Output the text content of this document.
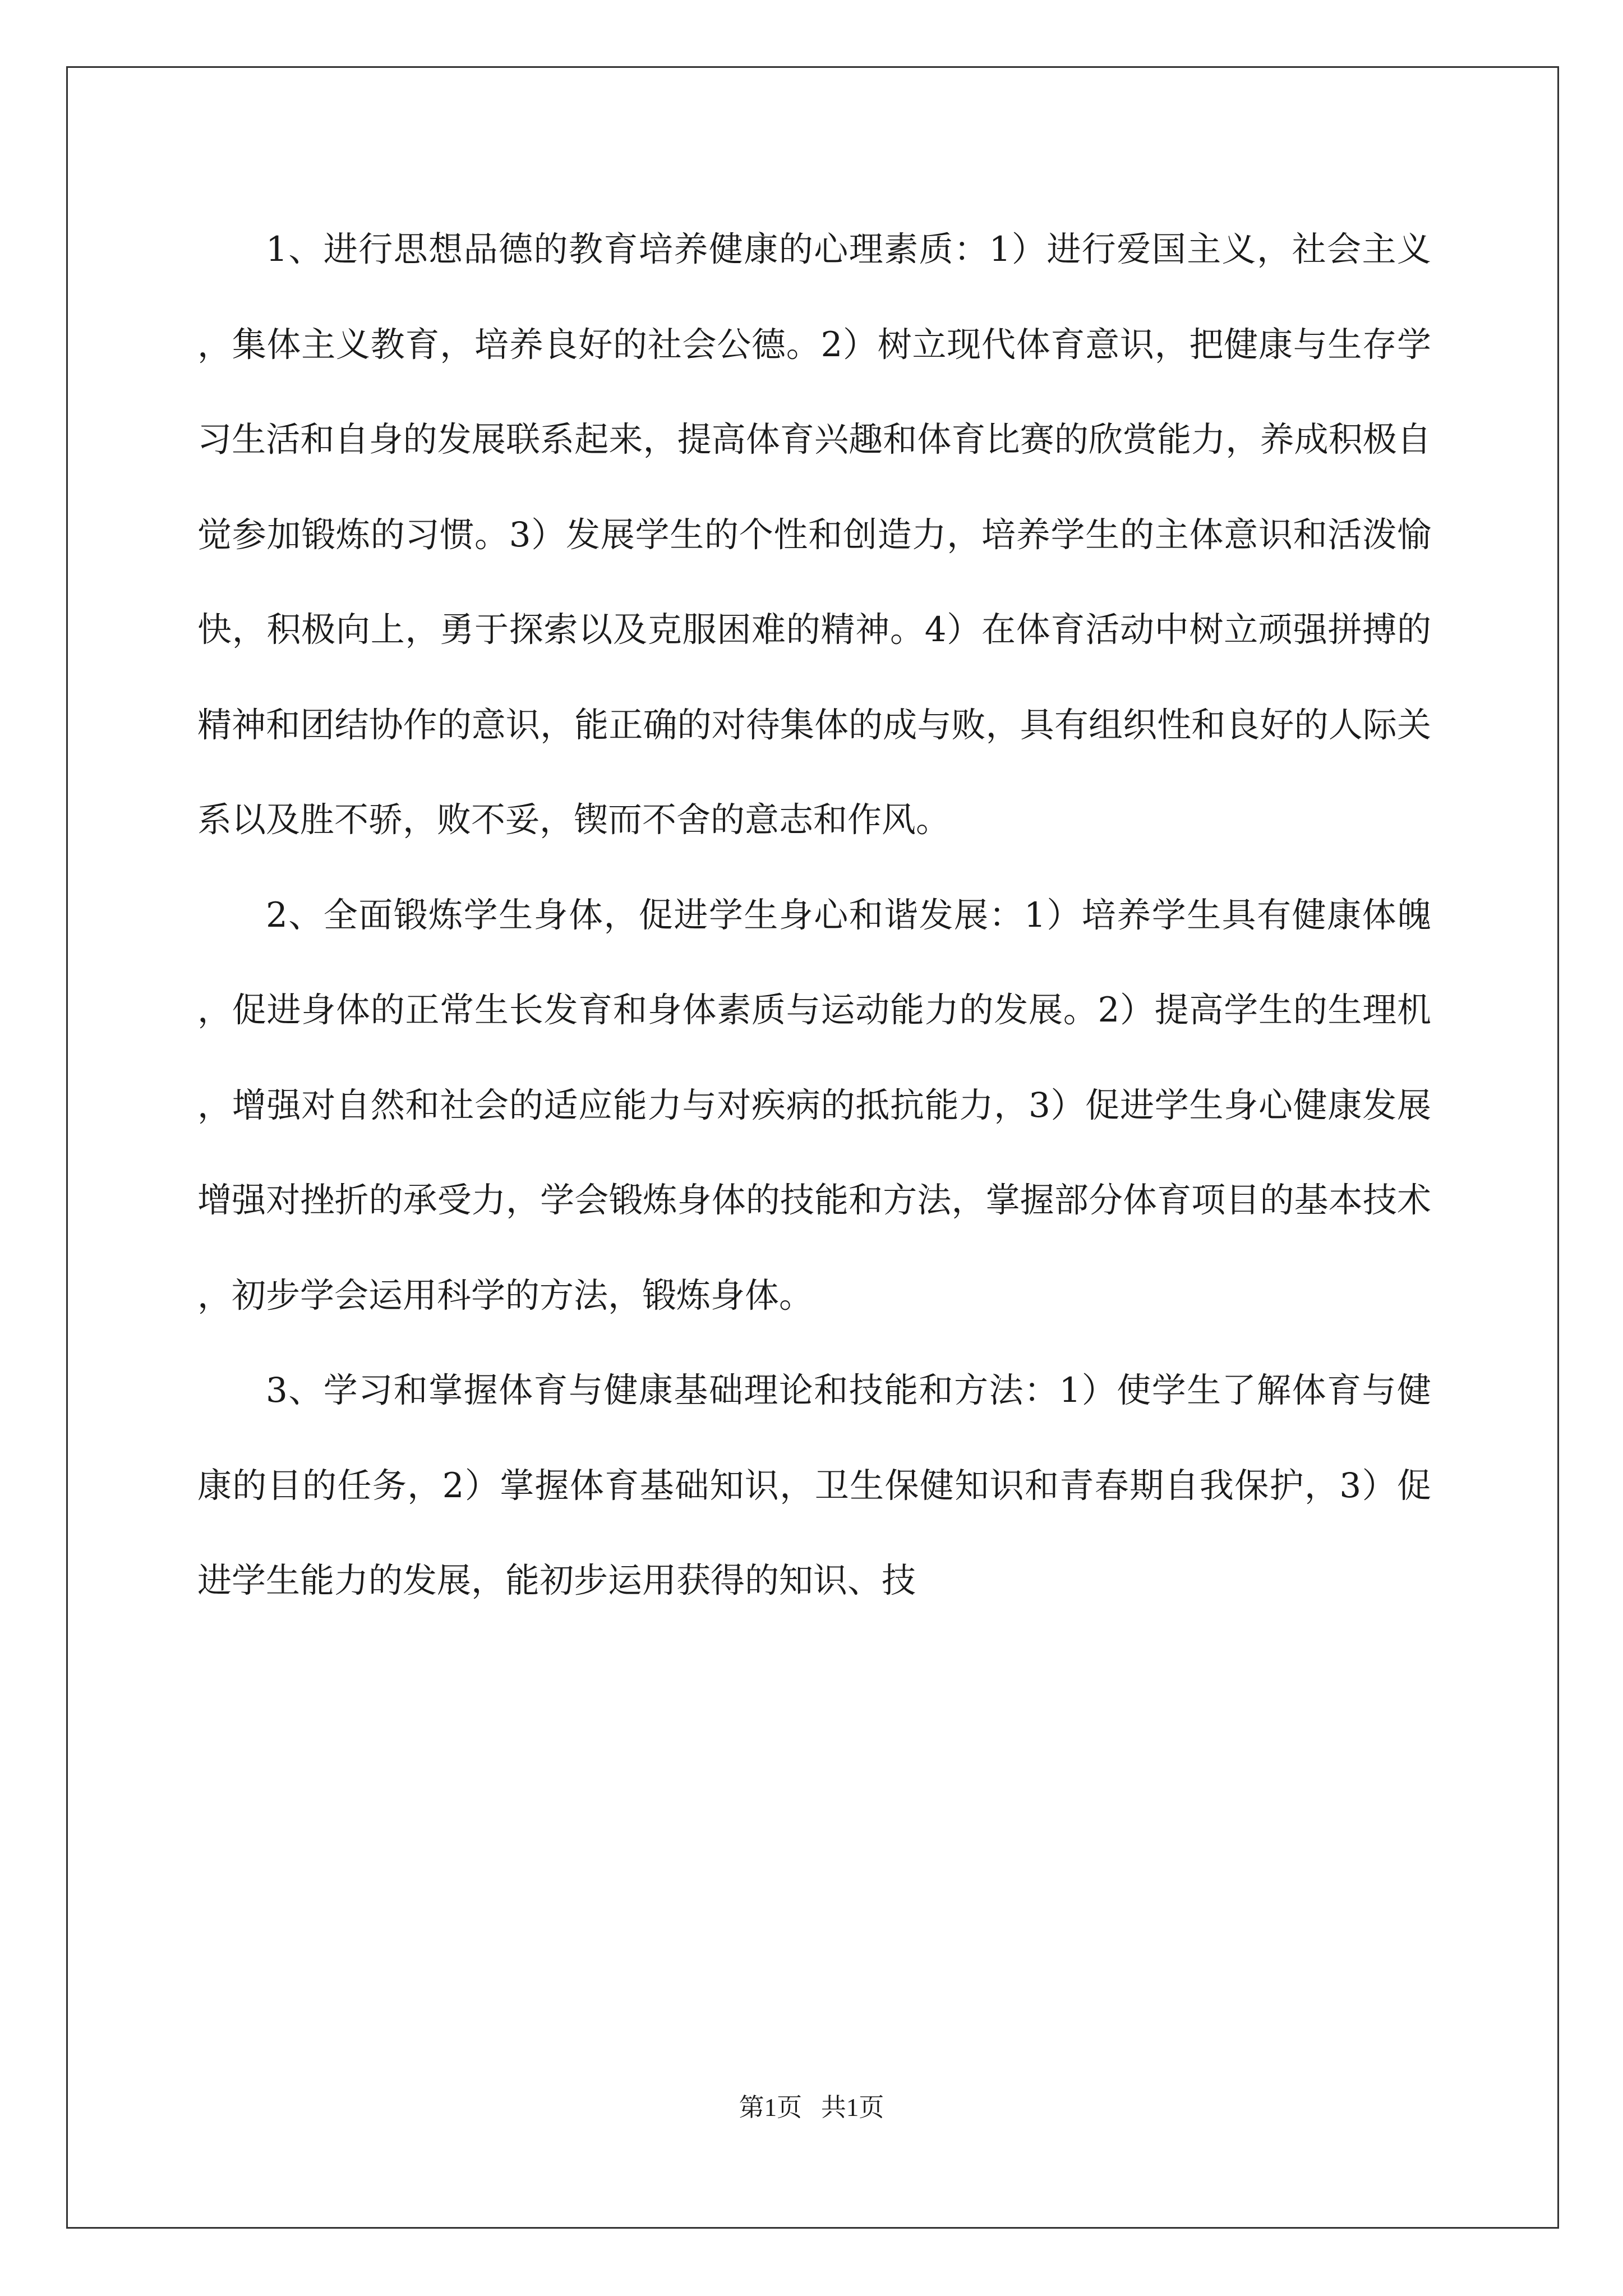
1、进行思想品德的教育培养健康的心理素质：1）进行爱国主义，社会主义，集体主义教育，培养良好的社会公德。2）树立现代体育意识，把健康与生存学习生活和自身的发展联系起来，提高体育兴趣和体育比赛的欣赏能力，养成积极自觉参加锻炼的习惯。3）发展学生的个性和创造力，培养学生的主体意识和活泼愉快，积极向上，勇于探索以及克服困难的精神。4）在体育活动中树立顽强拼搏的精神和团结协作的意识，能正确的对待集体的成与败，具有组织性和良好的人际关系以及胜不骄，败不妥，锲而不舍的意志和作风。

2、全面锻炼学生身体，促进学生身心和谐发展：1）培养学生具有健康体魄，促进身体的正常生长发育和身体素质与运动能力的发展。2）提高学生的生理机，增强对自然和社会的适应能力与对疾病的抵抗能力，3）促进学生身心健康发展增强对挫折的承受力，学会锻炼身体的技能和方法，掌握部分体育项目的基本技术，初步学会运用科学的方法，锻炼身体。

3、学习和掌握体育与健康基础理论和技能和方法：1）使学生了解体育与健康的目的任务，2）掌握体育基础知识，卫生保健知识和青春期自我保护，3）促进学生能力的发展，能初步运用获得的知识、技

第1页   共1页
